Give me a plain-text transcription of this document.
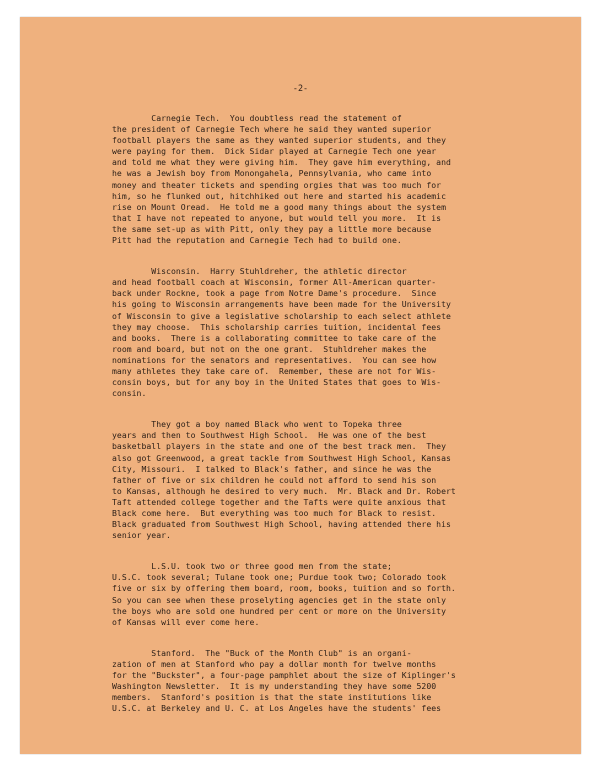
-2-
Carnegie Tech.  You doubtless read the statement of
the president of Carnegie Tech where he said they wanted superior
football players the same as they wanted superior students, and they
were paying for them.  Dick Sidar played at Carnegie Tech one year
and told me what they were giving him.  They gave him everything, and
he was a Jewish boy from Monongahela, Pennsylvania, who came into
money and theater tickets and spending orgies that was too much for
him, so he flunked out, hitchhiked out here and started his academic
rise on Mount Oread.  He told me a good many things about the system
that I have not repeated to anyone, but would tell you more.  It is
the same set-up as with Pitt, only they pay a little more because
Pitt had the reputation and Carnegie Tech had to build one.
Wisconsin.  Harry Stuhldreher, the athletic director
and head football coach at Wisconsin, former All-American quarter-
back under Rockne, took a page from Notre Dame's procedure.  Since
his going to Wisconsin arrangements have been made for the University
of Wisconsin to give a legislative scholarship to each select athlete
they may choose.  This scholarship carries tuition, incidental fees
and books.  There is a collaborating committee to take care of the
room and board, but not on the one grant.  Stuhldreher makes the
nominations for the senators and representatives.  You can see how
many athletes they take care of.  Remember, these are not for Wis-
consin boys, but for any boy in the United States that goes to Wis-
consin.
They got a boy named Black who went to Topeka three
years and then to Southwest High School.  He was one of the best
basketball players in the state and one of the best track men.  They
also got Greenwood, a great tackle from Southwest High School, Kansas
City, Missouri.  I talked to Black's father, and since he was the
father of five or six children he could not afford to send his son
to Kansas, although he desired to very much.  Mr. Black and Dr. Robert
Taft attended college together and the Tafts were quite anxious that
Black come here.  But everything was too much for Black to resist.
Black graduated from Southwest High School, having attended there his
senior year.
L.S.U. took two or three good men from the state;
U.S.C. took several; Tulane took one; Purdue took two; Colorado took
five or six by offering them board, room, books, tuition and so forth.
So you can see when these proselyting agencies get in the state only
the boys who are sold one hundred per cent or more on the University
of Kansas will ever come here.
Stanford.  The "Buck of the Month Club" is an organi-
zation of men at Stanford who pay a dollar month for twelve months
for the "Buckster", a four-page pamphlet about the size of Kiplinger's
Washington Newsletter.  It is my understanding they have some 5200
members.  Stanford's position is that the state institutions like
U.S.C. at Berkeley and U. C. at Los Angeles have the students' fees
